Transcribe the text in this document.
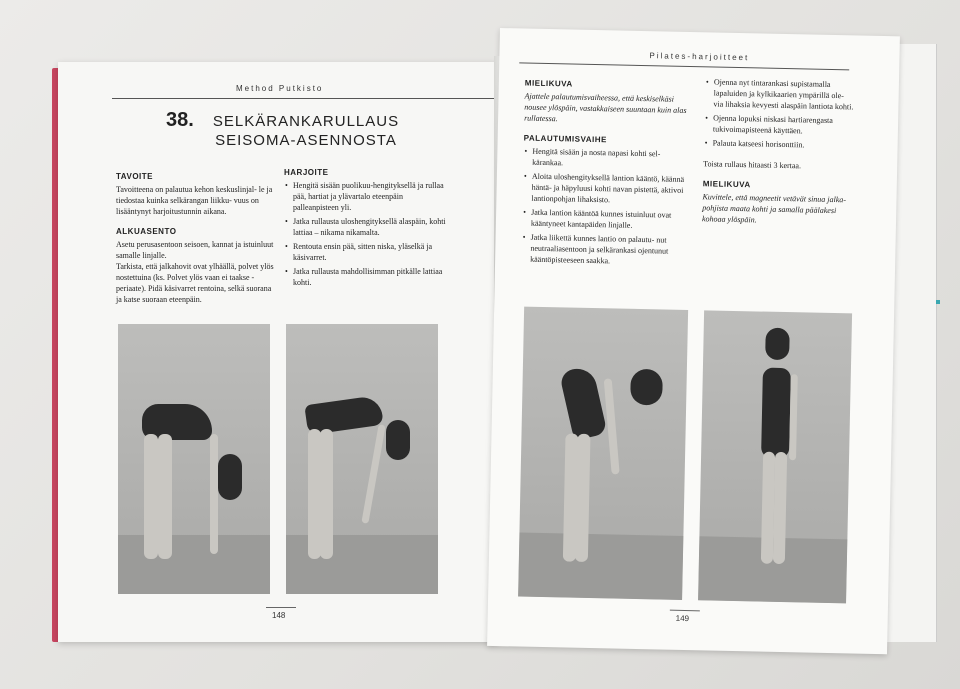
Method Putkisto
38.	SELKÄRANKARULLAUS
SEISOMA-ASENNOSTA
TAVOITE

Tavoitteena on palautua kehon keskuslinjal- le ja tiedostaa kuinka selkärangan liikku- vuus on lisääntynyt harjoitustunnin aikana.

ALKUASENTO

Asetu perusasentoon seisoen, kannat ja istuinluut samalle linjalle.

Tarkista, että jalkahovit ovat ylhäällä, polvet ylös nostettuina (ks. Polvet ylös vaan ei taakse -periaate). Pidä käsivarret rentoina, selkä suorana ja katse suoraan eteenpäin.

HARJOITE
• Hengitä sisään puolikuu-hengityksellä ja rullaa pää, hartiat ja ylävartalo eteenpäin palleanpisteen yli.
• Jatka rullausta uloshengityksellä alaspäin, kohti lattiaa – nikama nikamalta.
• Rentouta ensin pää, sitten niska, yläselkä ja käsivarret.
• Jatka rullausta mahdollisimman pitkälle lattiaa kohti.
148
Pilates-harjoitteet
MIELIKUVA

Ajattele palautumisvaiheessa, että keskiselkäsi nousee ylöspäin, vastakkaiseen suuntaan kuin alas rullatessa.

PALAUTUMISVAIHE
• Hengitä sisään ja nosta napasi kohti sel- kärankaa.
• Aloita uloshengityksellä lantion kääntö, käännä häntä- ja häpyluusi kohti navan pistettä, aktivoi lantionpohjan lihaksisto.
• Jatka lantion kääntöä kunnes istuinluut ovat kääntyneet kantapäiden linjalle.
• Jatka liikettä kunnes lantio on palautu- nut neutraaliasentoon ja selkärankasi ojentunut kääntöpisteeseen saakka.
• Ojenna nyt tintarankasi supistamalla lapaluiden ja kylkikaarien ympärillä ole- via lihaksia kevyesti alaspäin lantiota kohti.
• Ojenna lopuksi niskasi hartiarengasta tukivoimapisteenä käyttäen.
• Palauta katseesi horisonttiin.

Toista rullaus hitaasti 3 kertaa.

MIELIKUVA

Kuvittele, että magneetit vetävät sinua jalka- pohjista maata kohti ja samalla päälakesi kohoaa ylöspäin.

149
